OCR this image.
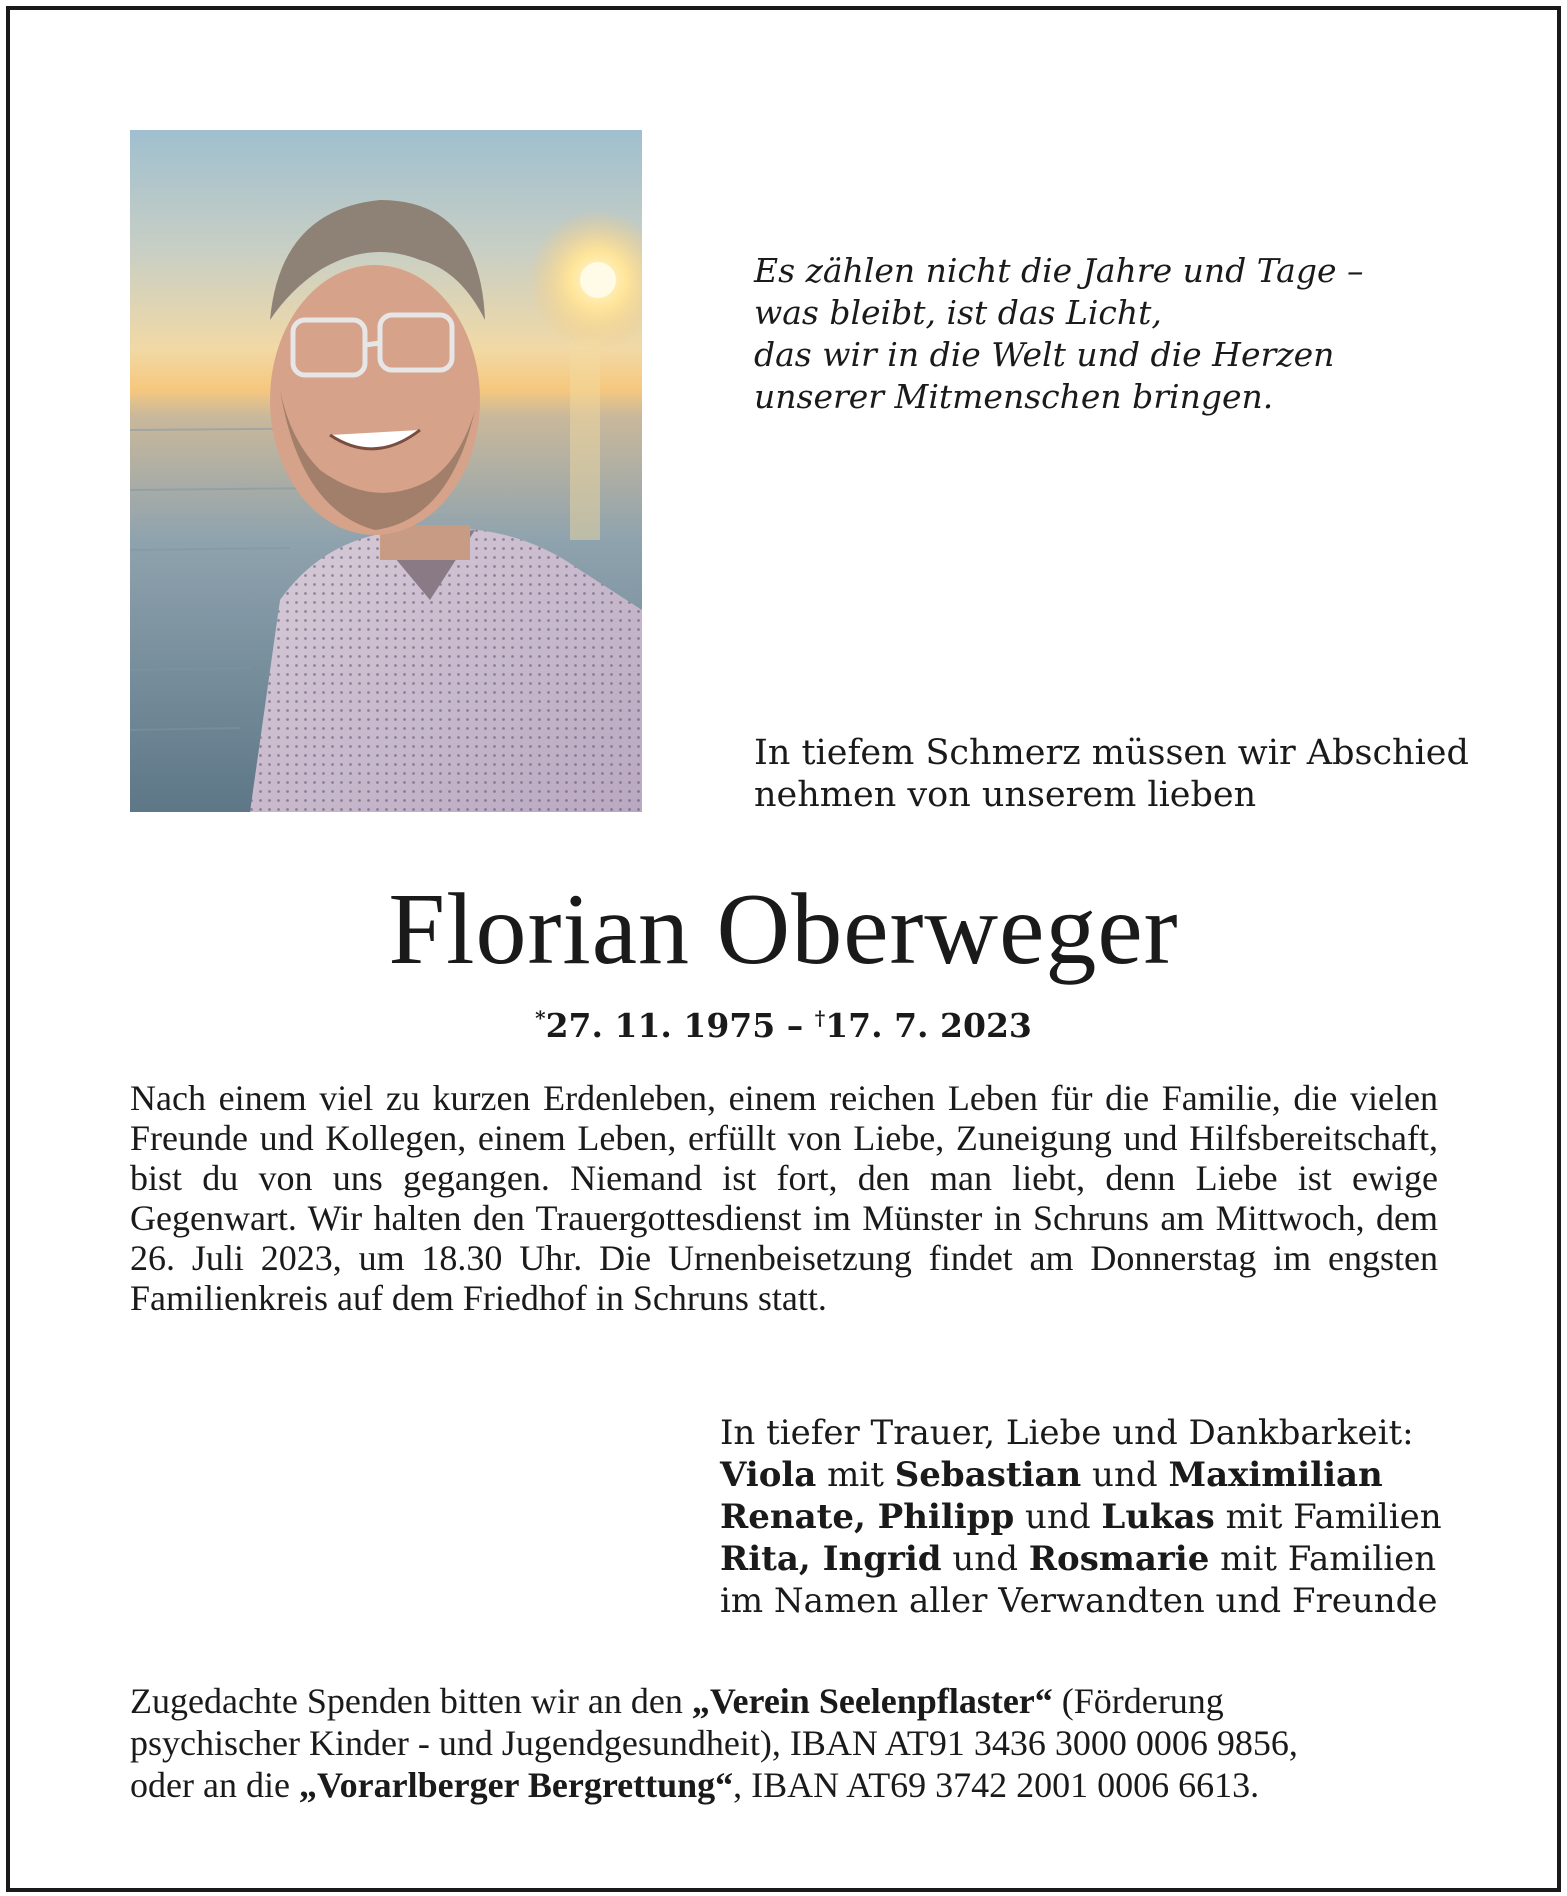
Es zählen nicht die Jahre und Tage –
was bleibt, ist das Licht,
das wir in die Welt und die Herzen
unserer Mitmenschen bringen.
In tiefem Schmerz müssen wir Abschied
nehmen von unserem lieben
Florian Oberweger
*27. 11. 1975 – †17. 7. 2023
Nach einem viel zu kurzen Erdenleben, einem reichen Leben für die Familie, die vielen Freunde und Kollegen, einem Leben, erfüllt von Liebe, Zuneigung und Hilfsbereitschaft, bist du von uns gegangen. Niemand ist fort, den man liebt, denn Liebe ist ewige Gegenwart. Wir halten den Trauergottesdienst im Münster in Schruns am Mittwoch, dem 26. Juli 2023, um 18.30 Uhr. Die Urnenbeisetzung findet am Donnerstag im engsten Familienkreis auf dem Friedhof in Schruns statt.
In tiefer Trauer, Liebe und Dankbarkeit:
Viola mit Sebastian und Maximilian
Renate, Philipp und Lukas mit Familien
Rita, Ingrid und Rosmarie mit Familien
im Namen aller Verwandten und Freunde
Zugedachte Spenden bitten wir an den „Verein Seelenpflaster“ (Förderung
psychischer Kinder - und Jugendgesundheit), IBAN AT91 3436 3000 0006 9856,
oder an die „Vorarlberger Bergrettung“, IBAN AT69 3742 2001 0006 6613.
